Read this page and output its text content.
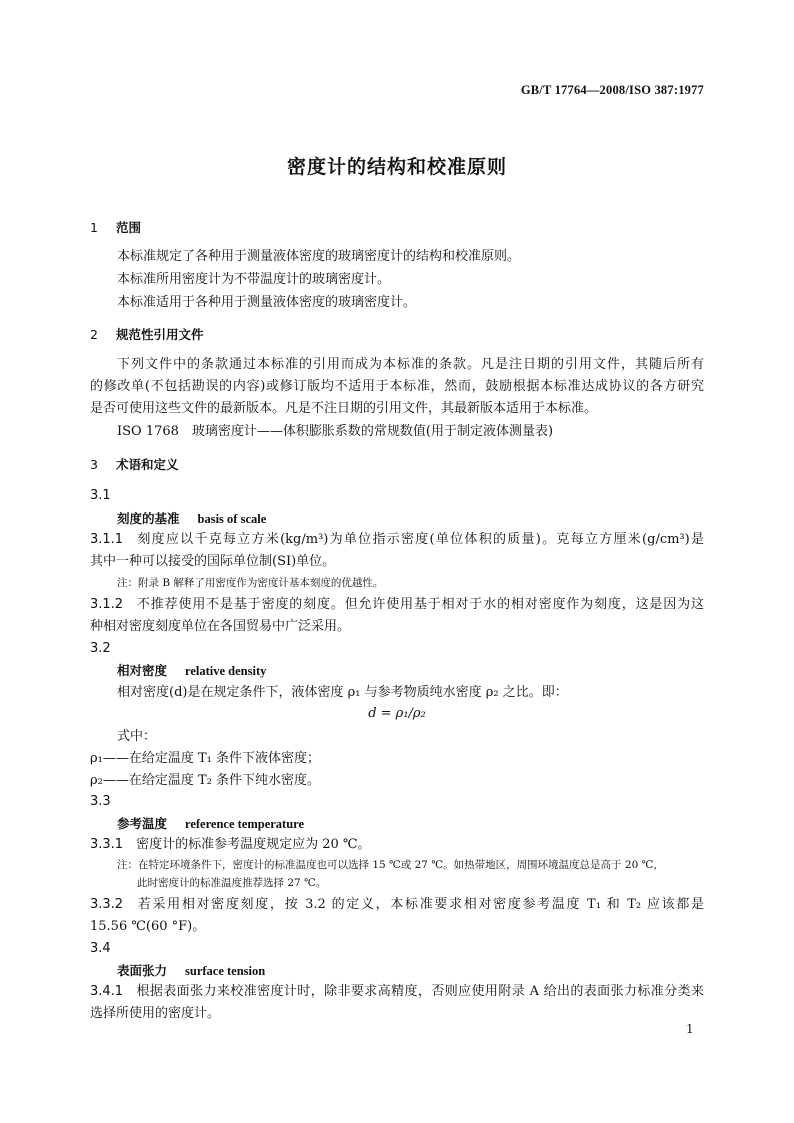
GB/T 17764—2008/ISO 387:1977
密度计的结构和校准原则
1 范围
本标准规定了各种用于测量液体密度的玻璃密度计的结构和校准原则。
本标准所用密度计为不带温度计的玻璃密度计。
本标准适用于各种用于测量液体密度的玻璃密度计。
2 规范性引用文件
下列文件中的条款通过本标准的引用而成为本标准的条款。凡是注日期的引用文件，其随后所有
的修改单(不包括勘误的内容)或修订版均不适用于本标准，然而，鼓励根据本标准达成协议的各方研究
是否可使用这些文件的最新版本。凡是不注日期的引用文件，其最新版本适用于本标准。
ISO 1768　玻璃密度计——体积膨胀系数的常规数值(用于制定液体测量表)
3 术语和定义
3.1
刻度的基准 basis of scale
3.1.1  刻度应以千克每立方米(kg/m³)为单位指示密度(单位体积的质量)。克每立方厘米(g/cm³)是
其中一种可以接受的国际单位制(SI)单位。
注：附录 B 解释了用密度作为密度计基本刻度的优越性。
3.1.2  不推荐使用不是基于密度的刻度。但允许使用基于相对于水的相对密度作为刻度，这是因为这
种相对密度刻度单位在各国贸易中广泛采用。
3.2
相对密度 relative density
相对密度(d)是在规定条件下，液体密度 ρ₁ 与参考物质纯水密度 ρ₂ 之比。即：
d = ρ₁/ρ₂
式中：
ρ₁——在给定温度 T₁ 条件下液体密度；
ρ₂——在给定温度 T₂ 条件下纯水密度。
3.3
参考温度 reference temperature
3.3.1  密度计的标准参考温度规定应为 20 ℃。
注：在特定环境条件下，密度计的标准温度也可以选择 15 ℃或 27 ℃。如热带地区，周围环境温度总是高于 20 ℃，
此时密度计的标准温度推荐选择 27 ℃。
3.3.2  若采用相对密度刻度，按 3.2 的定义，本标准要求相对密度参考温度 T₁ 和 T₂ 应该都是
15.56 ℃(60 °F)。
3.4
表面张力 surface tension
3.4.1  根据表面张力来校准密度计时，除非要求高精度，否则应使用附录 A 给出的表面张力标准分类来
选择所使用的密度计。
1
